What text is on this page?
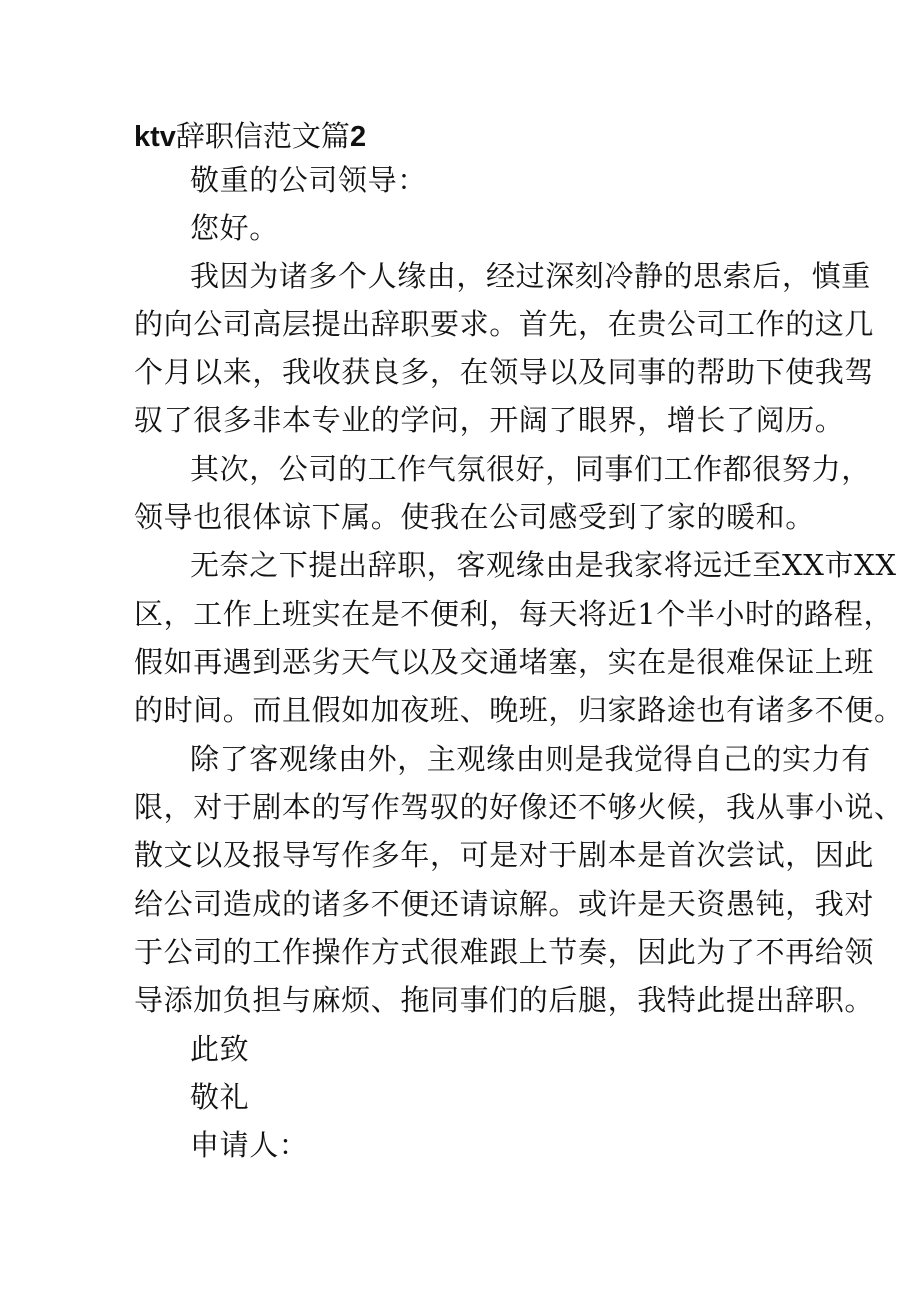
ktv辞职信范文篇2
敬重的公司领导：
您好。
我因为诸多个人缘由，经过深刻冷静的思索后，慎重
的向公司高层提出辞职要求。首先，在贵公司工作的这几
个月以来，我收获良多，在领导以及同事的帮助下使我驾
驭了很多非本专业的学问，开阔了眼界，增长了阅历。
其次，公司的工作气氛很好，同事们工作都很努力，
领导也很体谅下属。使我在公司感受到了家的暖和。
无奈之下提出辞职，客观缘由是我家将远迁至XX市XX
区，工作上班实在是不便利，每天将近1个半小时的路程，
假如再遇到恶劣天气以及交通堵塞，实在是很难保证上班
的时间。而且假如加夜班、晚班，归家路途也有诸多不便。
除了客观缘由外，主观缘由则是我觉得自己的实力有
限，对于剧本的写作驾驭的好像还不够火候，我从事小说、
散文以及报导写作多年，可是对于剧本是首次尝试，因此
给公司造成的诸多不便还请谅解。或许是天资愚钝，我对
于公司的工作操作方式很难跟上节奏，因此为了不再给领
导添加负担与麻烦、拖同事们的后腿，我特此提出辞职。
此致
敬礼
申请人：
